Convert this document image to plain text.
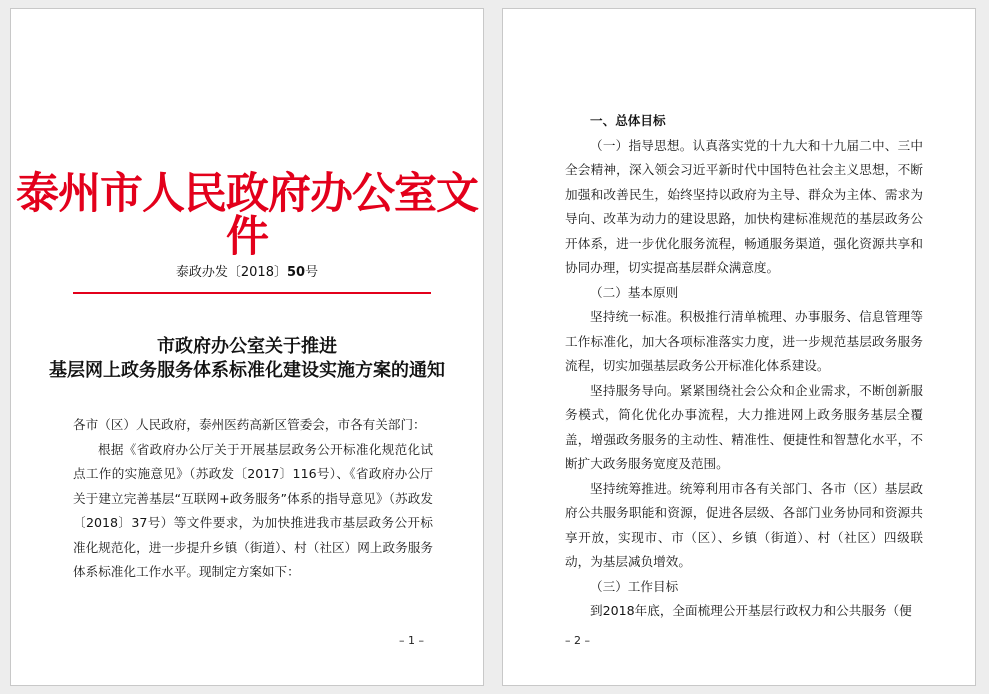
泰州市人民政府办公室文件
泰政办发〔2018〕50号
市政府办公室关于推进
基层网上政务服务体系标准化建设实施方案的通知

各市（区）人民政府，泰州医药高新区管委会，市各有关部门：

根据《省政府办公厅关于开展基层政务公开标准化规范化试点工作的实施意见》（苏政发〔2017〕116号）、《省政府办公厅关于建立完善基层“互联网+政务服务”体系的指导意见》（苏政发〔2018〕37号）等文件要求，为加快推进我市基层政务公开标准化规范化，进一步提升乡镇（街道）、村（社区）网上政务服务体系标准化工作水平。现制定方案如下：

– 1 –

一、总体目标

（一）指导思想。认真落实党的十九大和十九届二中、三中全会精神，深入领会习近平新时代中国特色社会主义思想，不断加强和改善民生，始终坚持以政府为主导、群众为主体、需求为导向、改革为动力的建设思路，加快构建标准规范的基层政务公开体系，进一步优化服务流程，畅通服务渠道，强化资源共享和协同办理，切实提高基层群众满意度。

（二）基本原则

坚持统一标准。积极推行清单梳理、办事服务、信息管理等工作标准化，加大各项标准落实力度，进一步规范基层政务服务流程，切实加强基层政务公开标准化体系建设。

坚持服务导向。紧紧围绕社会公众和企业需求，不断创新服务模式，简化优化办事流程，大力推进网上政务服务基层全覆盖，增强政务服务的主动性、精准性、便捷性和智慧化水平，不断扩大政务服务宽度及范围。

坚持统筹推进。统筹利用市各有关部门、各市（区）基层政府公共服务职能和资源，促进各层级、各部门业务协同和资源共享开放，实现市、市（区）、乡镇（街道）、村（社区）四级联动，为基层减负增效。

（三）工作目标

到2018年底，全面梳理公开基层行政权力和公共服务（便

– 2 –
